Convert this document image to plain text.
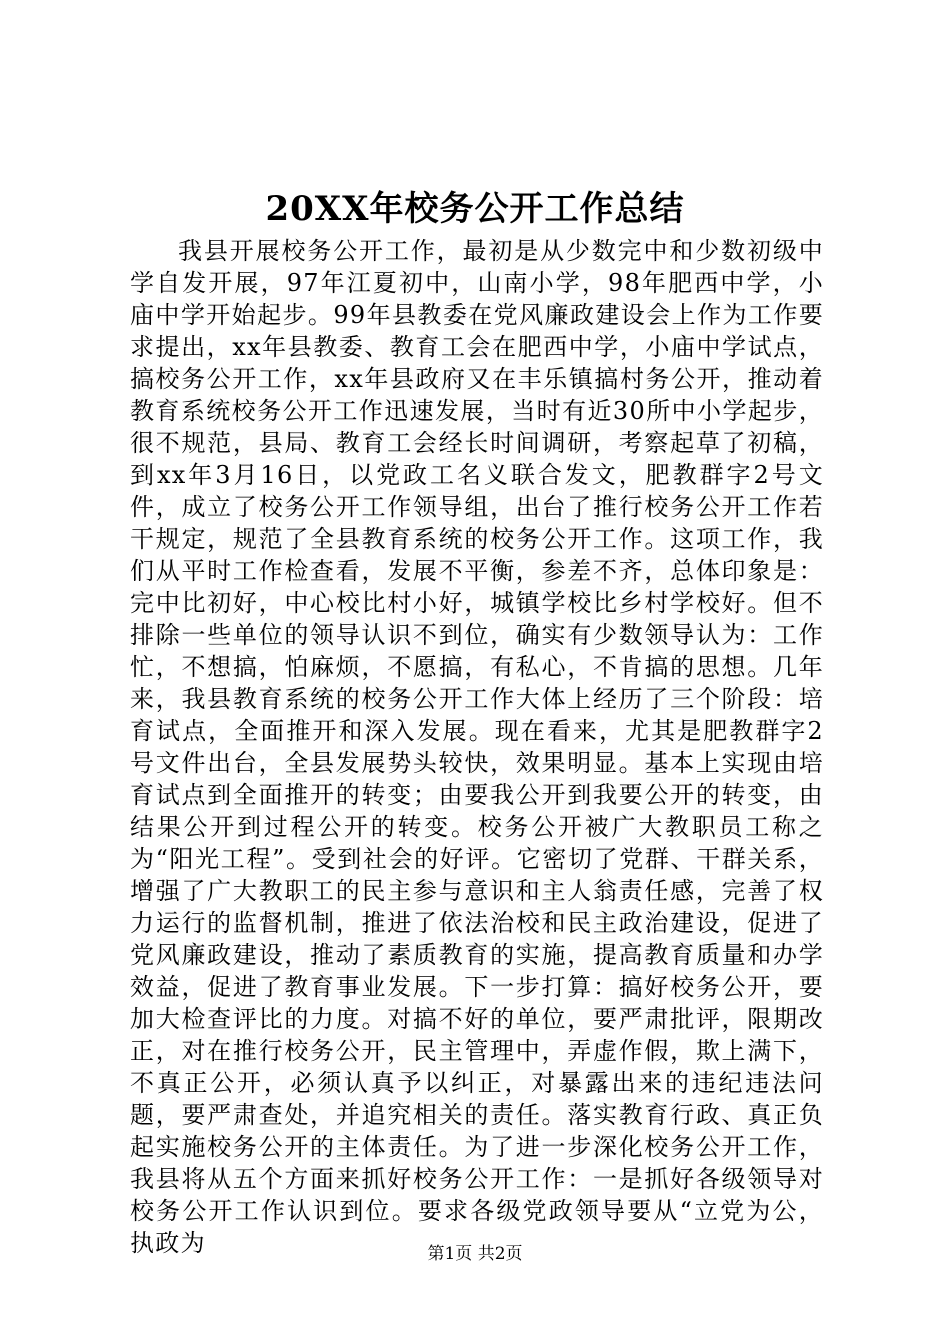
20XX年校务公开工作总结

我县开展校务公开工作，最初是从少数完中和少数初级中学自发开展，97年江夏初中，山南小学，98年肥西中学，小庙中学开始起步。99年县教委在党风廉政建设会上作为工作要求提出，xx年县教委、教育工会在肥西中学，小庙中学试点，搞校务公开工作，xx年县政府又在丰乐镇搞村务公开，推动着教育系统校务公开工作迅速发展，当时有近30所中小学起步，很不规范，县局、教育工会经长时间调研，考察起草了初稿，到xx年3月16日，以党政工名义联合发文，肥教群字2号文件，成立了校务公开工作领导组，出台了推行校务公开工作若干规定，规范了全县教育系统的校务公开工作。这项工作，我们从平时工作检查看，发展不平衡，参差不齐，总体印象是：完中比初好，中心校比村小好，城镇学校比乡村学校好。但不排除一些单位的领导认识不到位，确实有少数领导认为：工作忙，不想搞，怕麻烦，不愿搞，有私心，不肯搞的思想。几年来，我县教育系统的校务公开工作大体上经历了三个阶段：培育试点，全面推开和深入发展。现在看来，尤其是肥教群字2号文件出台，全县发展势头较快，效果明显。基本上实现由培育试点到全面推开的转变；由要我公开到我要公开的转变，由结果公开到过程公开的转变。校务公开被广大教职员工称之为“阳光工程”。受到社会的好评。它密切了党群、干群关系，增强了广大教职工的民主参与意识和主人翁责任感，完善了权力运行的监督机制，推进了依法治校和民主政治建设，促进了党风廉政建设，推动了素质教育的实施，提高教育质量和办学效益，促进了教育事业发展。下一步打算：搞好校务公开，要加大检查评比的力度。对搞不好的单位，要严肃批评，限期改正，对在推行校务公开，民主管理中，弄虚作假，欺上满下，不真正公开，必须认真予以纠正，对暴露出来的违纪违法问题，要严肃查处，并追究相关的责任。落实教育行政、真正负起实施校务公开的主体责任。为了进一步深化校务公开工作，我县将从五个方面来抓好校务公开工作：一是抓好各级领导对校务公开工作认识到位。要求各级党政领导要从“立党为公，执政为	第1页 共2页
